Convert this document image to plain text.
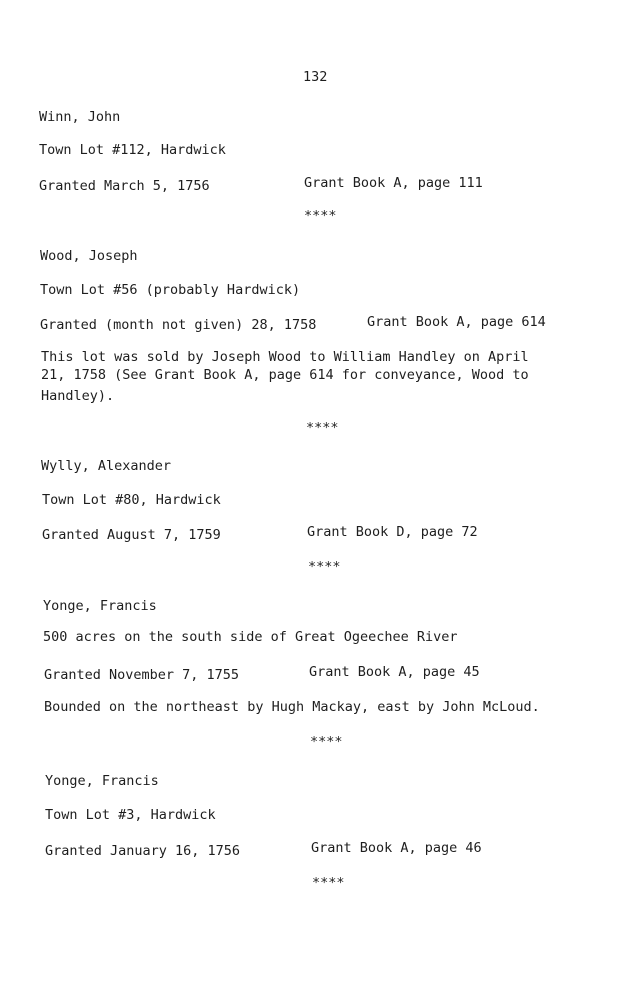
132
Winn, John
Town Lot #112, Hardwick
Granted March 5, 1756	Grant Book A, page 111
****
Wood, Joseph
Town Lot #56 (probably Hardwick)
Granted (month not given) 28, 1758	Grant Book A, page 614
This lot was sold by Joseph Wood to William Handley on April
21, 1758 (See Grant Book A, page 614 for conveyance, Wood to
Handley).
****
Wylly, Alexander
Town Lot #80, Hardwick
Granted August 7, 1759	Grant Book D, page 72
****
Yonge, Francis
500 acres on the south side of Great Ogeechee River
Granted November 7, 1755	Grant Book A, page 45
Bounded on the northeast by Hugh Mackay, east by John McLoud.
****
Yonge, Francis
Town Lot #3, Hardwick
Granted January 16, 1756	Grant Book A, page 46
****
